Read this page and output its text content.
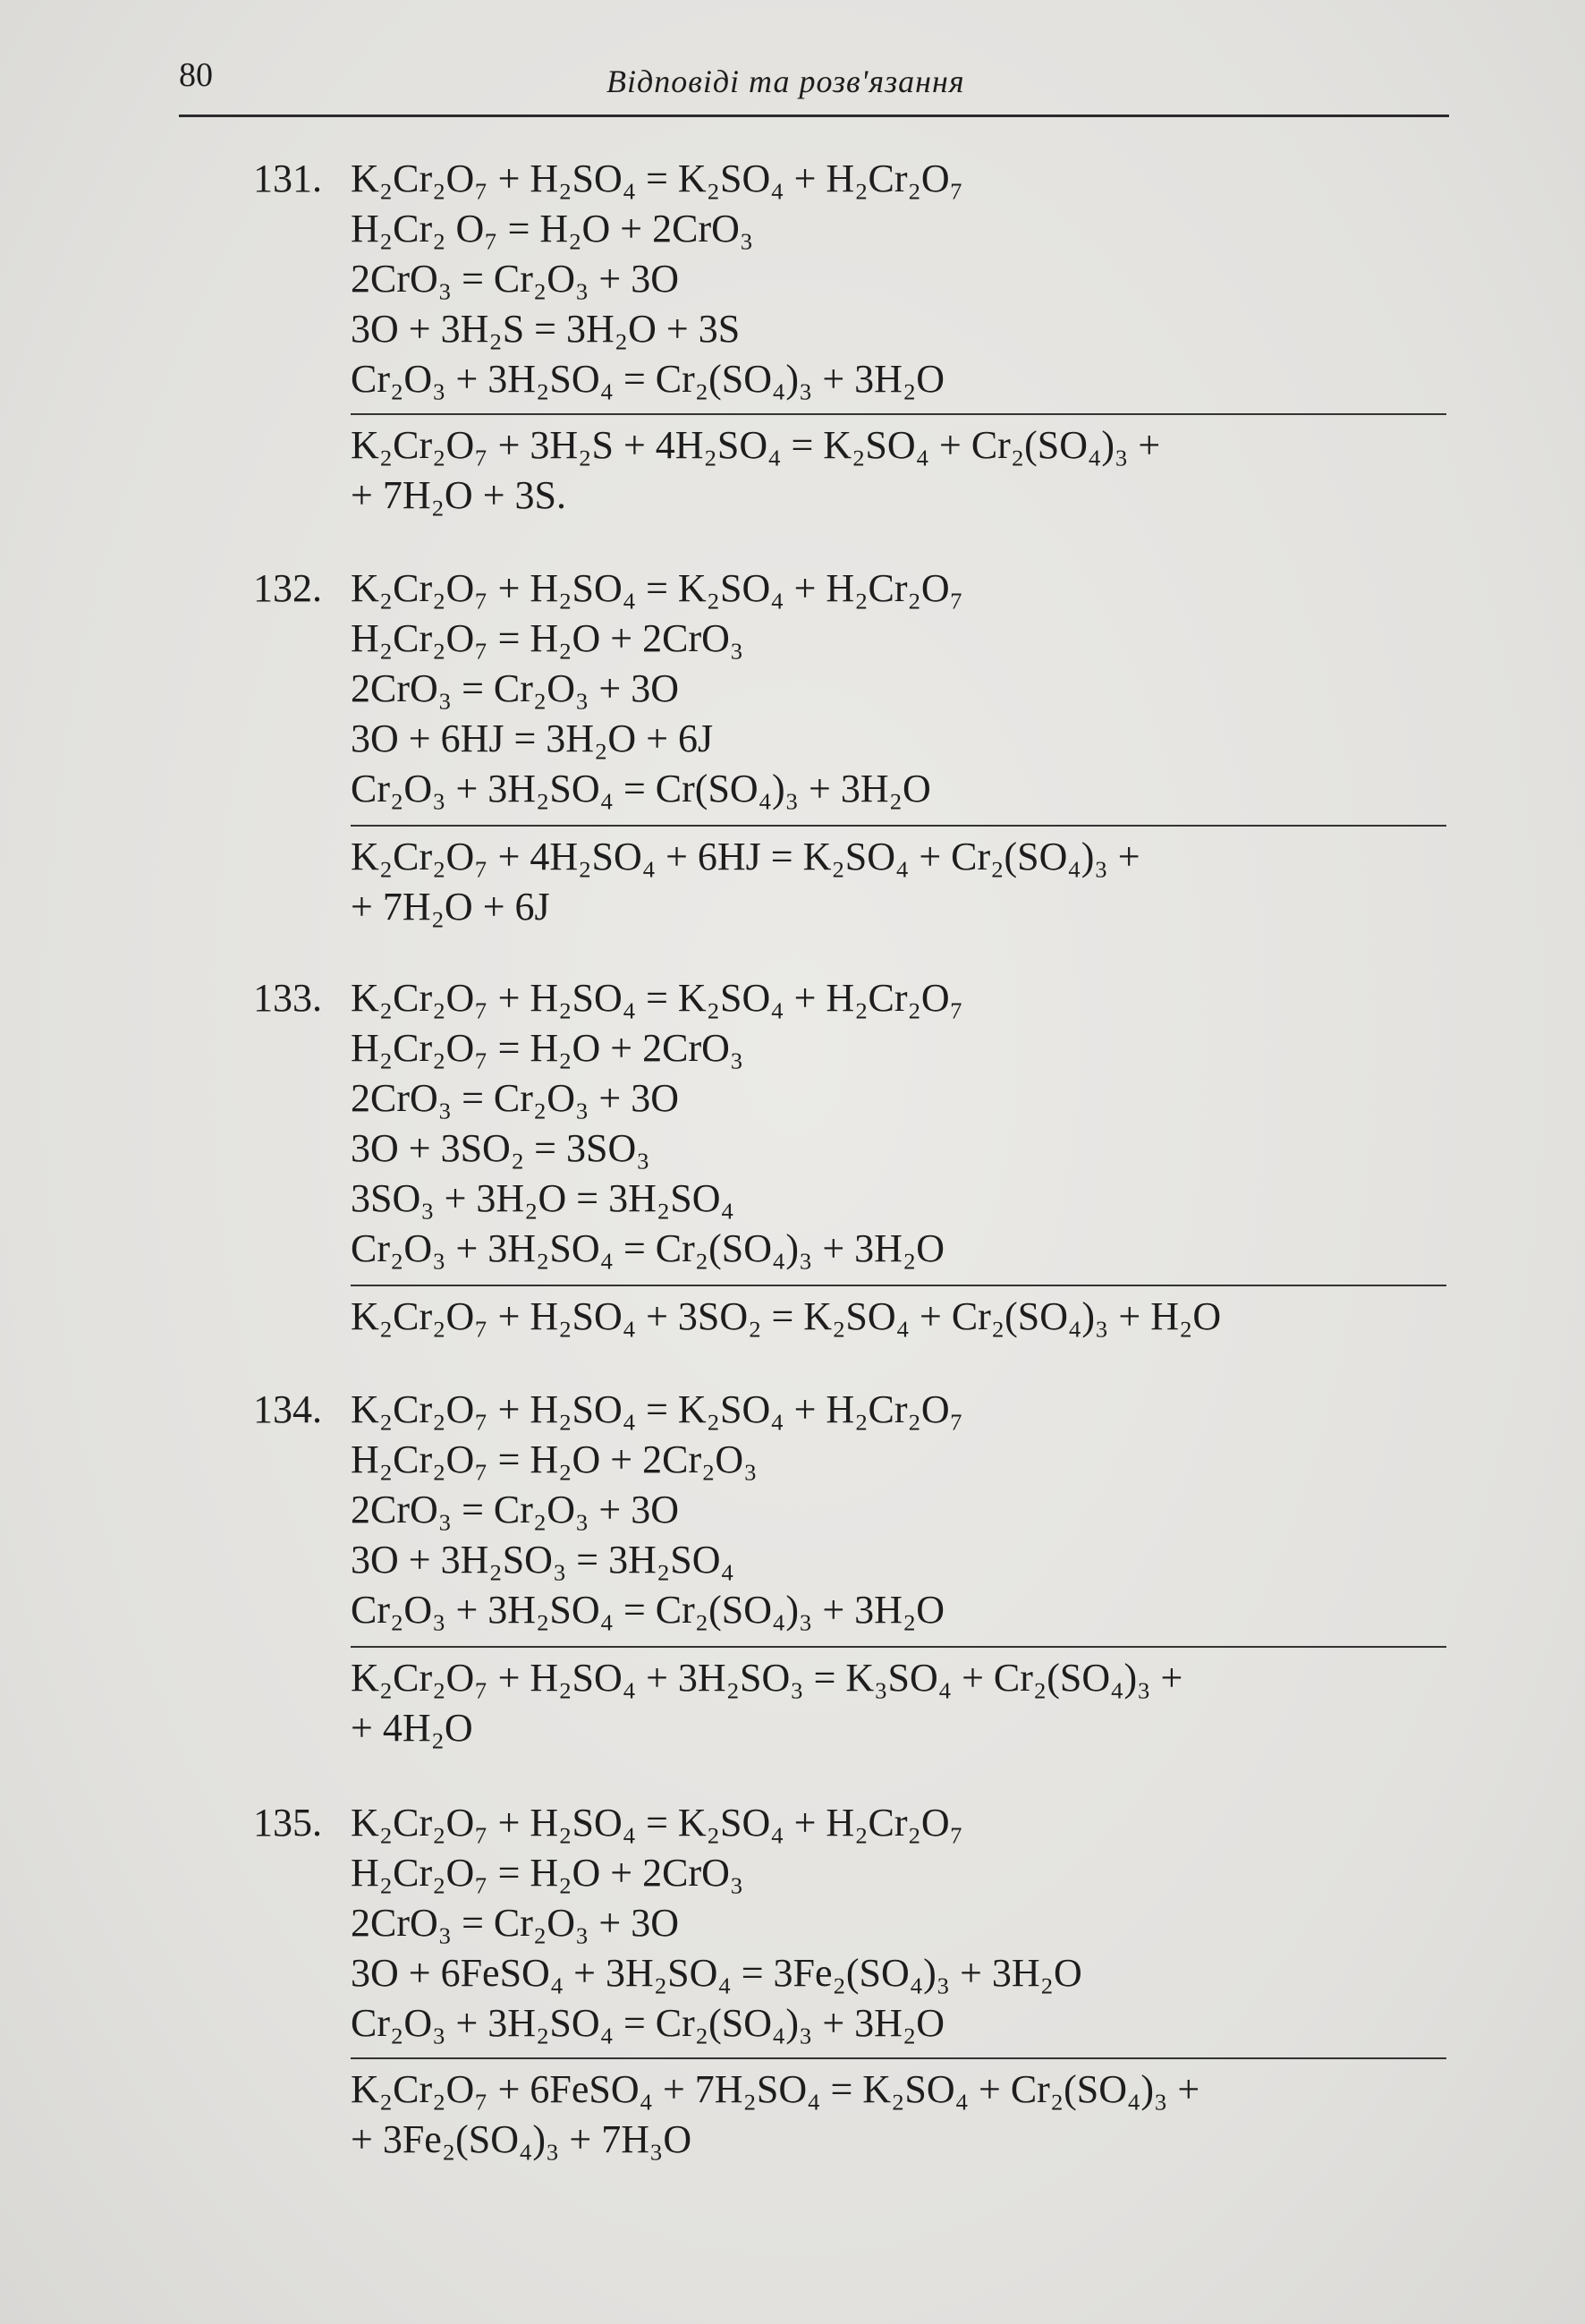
80	Відповіді та розв'язання
131. K₂Cr₂O₇ + H₂SO₄ = K₂SO₄ + H₂Cr₂O₇
H₂Cr₂ O₇ = H₂O + 2CrO₃
2CrO₃ = Cr₂O₃ + 3O
3O + 3H₂S = 3H₂O + 3S
Cr₂O₃ + 3H₂SO₄ = Cr₂(SO₄)₃ + 3H₂O
K₂Cr₂O₇ + 3H₂S + 4H₂SO₄ = K₂SO₄ + Cr₂(SO₄)₃ +
+ 7H₂O + 3S.
132. K₂Cr₂O₇ + H₂SO₄ = K₂SO₄ + H₂Cr₂O₇
H₂Cr₂O₇ = H₂O + 2CrO₃
2CrO₃ = Cr₂O₃ + 3O
3O + 6HJ = 3H₂O + 6J
Cr₂O₃ + 3H₂SO₄ = Cr(SO₄)₃ + 3H₂O
K₂Cr₂O₇ + 4H₂SO₄ + 6HJ = K₂SO₄ + Cr₂(SO₄)₃ +
+ 7H₂O + 6J
133. K₂Cr₂O₇ + H₂SO₄ = K₂SO₄ + H₂Cr₂O₇
H₂Cr₂O₇ = H₂O + 2CrO₃
2CrO₃ = Cr₂O₃ + 3O
3O + 3SO₂ = 3SO₃
3SO₃ + 3H₂O = 3H₂SO₄
Cr₂O₃ + 3H₂SO₄ = Cr₂(SO₄)₃ + 3H₂O
K₂Cr₂O₇ + H₂SO₄ + 3SO₂ = K₂SO₄ + Cr₂(SO₄)₃ + H₂O
134. K₂Cr₂O₇ + H₂SO₄ = K₂SO₄ + H₂Cr₂O₇
H₂Cr₂O₇ = H₂O + 2Cr₂O₃
2CrO₃ = Cr₂O₃ + 3O
3O + 3H₂SO₃ = 3H₂SO₄
Cr₂O₃ + 3H₂SO₄ = Cr₂(SO₄)₃ + 3H₂O
K₂Cr₂O₇ + H₂SO₄ + 3H₂SO₃ = K₃SO₄ + Cr₂(SO₄)₃ +
+ 4H₂O
135. K₂Cr₂O₇ + H₂SO₄ = K₂SO₄ + H₂Cr₂O₇
H₂Cr₂O₇ = H₂O + 2CrO₃
2CrO₃ = Cr₂O₃ + 3O
3O + 6FeSO₄ + 3H₂SO₄ = 3Fe₂(SO₄)₃ + 3H₂O
Cr₂O₃ + 3H₂SO₄ = Cr₂(SO₄)₃ + 3H₂O
K₂Cr₂O₇ + 6FeSO₄ + 7H₂SO₄ = K₂SO₄ + Cr₂(SO₄)₃ +
+ 3Fe₂(SO₄)₃ + 7H₃O
